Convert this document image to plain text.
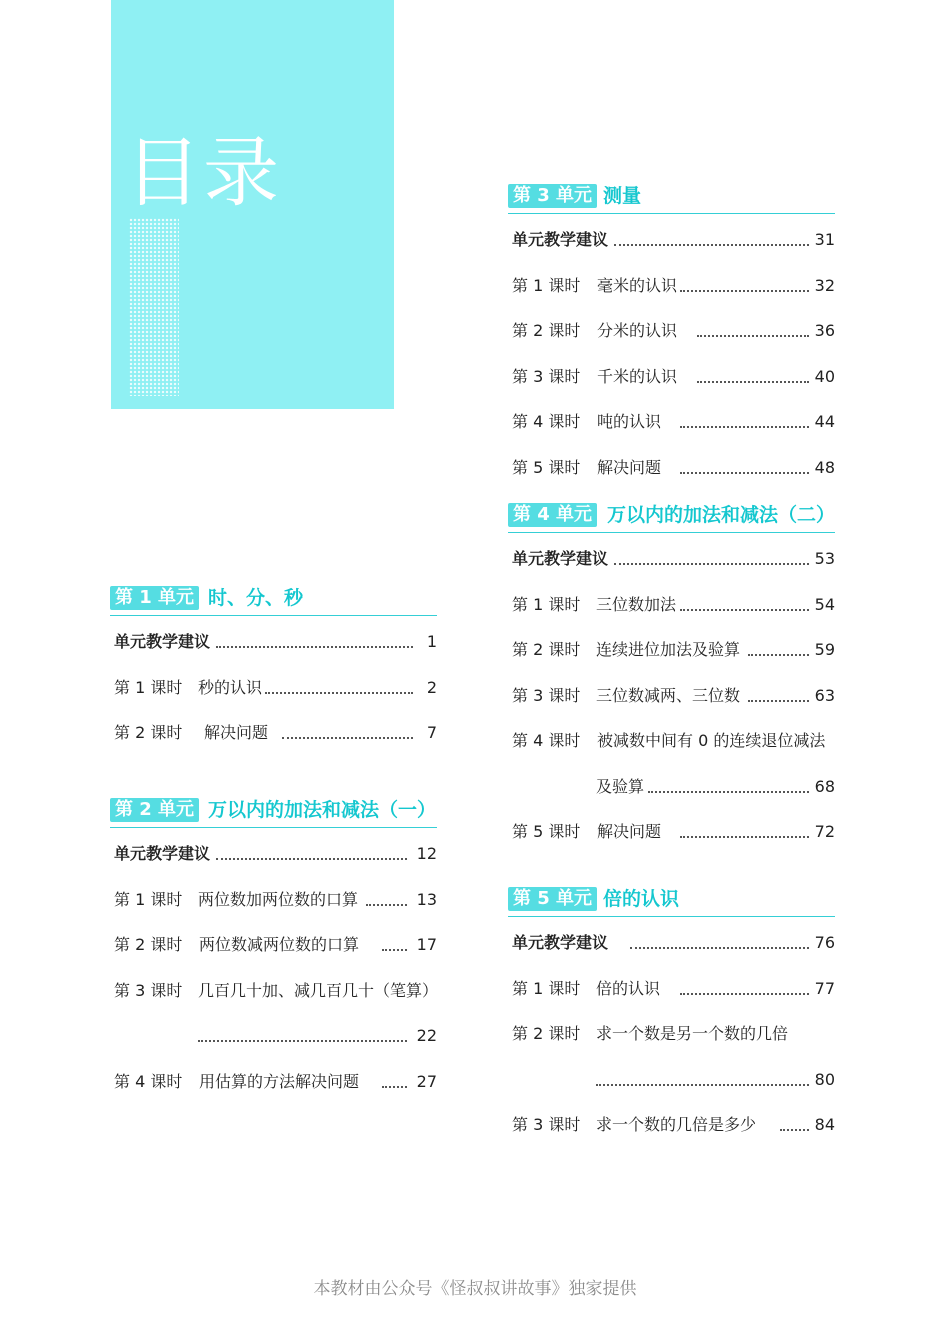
目录
第 1 单元 时、分、秒
单元教学建议	1
第 1 课时 秒的认识	2
第 2 课时 解决问题	7
第 2 单元 万以内的加法和减法（一）
单元教学建议	12
第 1 课时 两位数加两位数的口算	13
第 2 课时 两位数减两位数的口算	17
第 3 课时 几百几十加、减几百几十（笔算）
22
第 4 课时 用估算的方法解决问题	27
第 3 单元 测量
单元教学建议	31
第 1 课时 毫米的认识	32
第 2 课时 分米的认识	36
第 3 课时 千米的认识	40
第 4 课时 吨的认识	44
第 5 课时 解决问题	48
第 4 单元 万以内的加法和减法（二）
单元教学建议	53
第 1 课时 三位数加法	54
第 2 课时 连续进位加法及验算	59
第 3 课时 三位数减两、三位数	63
第 4 课时 被减数中间有 0 的连续退位减法
及验算	68
第 5 课时 解决问题	72
第 5 单元 倍的认识
单元教学建议	76
第 1 课时 倍的认识	77
第 2 课时 求一个数是另一个数的几倍
80
第 3 课时 求一个数的几倍是多少	84
本教材由公众号《怪叔叔讲故事》独家提供
